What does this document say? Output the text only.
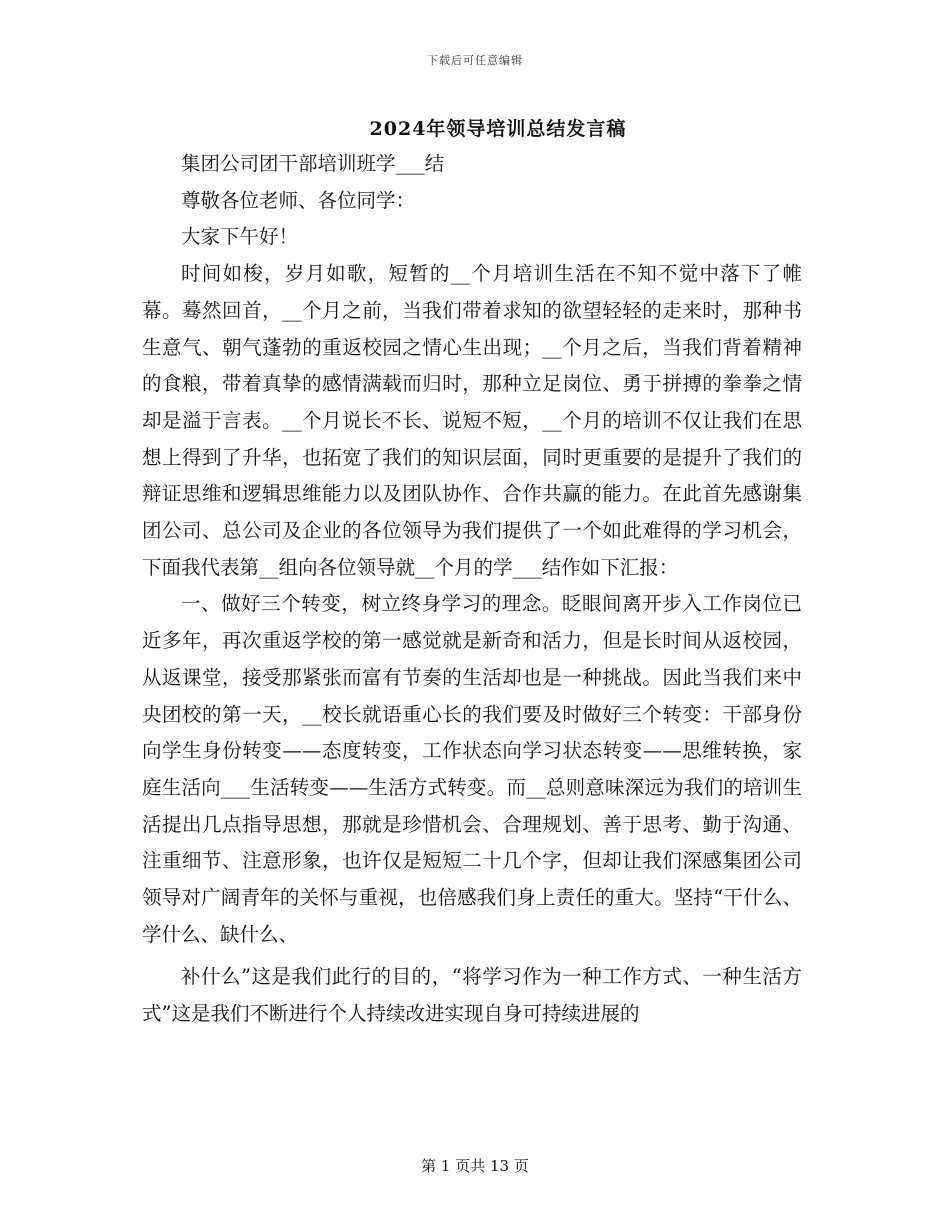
下载后可任意编辑
2024年领导培训总结发言稿

集团公司团干部培训班学___结

尊敬各位老师、各位同学：

大家下午好！

时间如梭，岁月如歌，短暂的__个月培训生活在不知不觉中落下了帷幕。蓦然回首，__个月之前，当我们带着求知的欲望轻轻的走来时，那种书生意气、朝气蓬勃的重返校园之情心生出现；__个月之后，当我们背着精神的食粮，带着真挚的感情满载而归时，那种立足岗位、勇于拼搏的拳拳之情却是溢于言表。__个月说长不长、说短不短，__个月的培训不仅让我们在思想上得到了升华，也拓宽了我们的知识层面，同时更重要的是提升了我们的辩证思维和逻辑思维能力以及团队协作、合作共赢的能力。在此首先感谢集团公司、总公司及企业的各位领导为我们提供了一个如此难得的学习机会，下面我代表第__组向各位领导就__个月的学___结作如下汇报：

一、做好三个转变，树立终身学习的理念。眨眼间离开步入工作岗位已近多年，再次重返学校的第一感觉就是新奇和活力，但是长时间从返校园，从返课堂，接受那紧张而富有节奏的生活却也是一种挑战。因此当我们来中央团校的第一天，__校长就语重心长的我们要及时做好三个转变：干部身份向学生身份转变——态度转变，工作状态向学习状态转变——思维转换，家庭生活向___生活转变——生活方式转变。而__总则意味深远为我们的培训生活提出几点指导思想，那就是珍惜机会、合理规划、善于思考、勤于沟通、注重细节、注意形象，也许仅是短短二十几个字，但却让我们深感集团公司领导对广阔青年的关怀与重视，也倍感我们身上责任的重大。坚持“干什么、学什么、缺什么、

补什么”这是我们此行的目的，“将学习作为一种工作方式、一种生活方式”这是我们不断进行个人持续改进实现自身可持续进展的

第 1 页共 13 页
